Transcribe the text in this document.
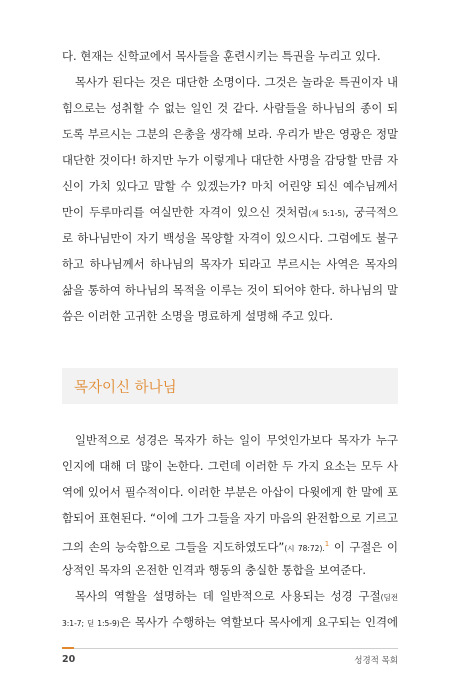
다. 현재는 신학교에서 목사들을 훈련시키는 특권을 누리고 있다.
목사가 된다는 것은 대단한 소명이다. 그것은 놀라운 특권이자 내
힘으로는 성취할 수 없는 일인 것 같다. 사람들을 하나님의 종이 되
도록 부르시는 그분의 은총을 생각해 보라. 우리가 받은 영광은 정말
대단한 것이다! 하지만 누가 이렇게나 대단한 사명을 감당할 만큼 자
신이 가치 있다고 말할 수 있겠는가? 마치 어린양 되신 예수님께서
만이 두루마리를 여실만한 자격이 있으신 것처럼(계 5:1-5), 궁극적으
로 하나님만이 자기 백성을 목양할 자격이 있으시다. 그럼에도 불구
하고 하나님께서 하나님의 목자가 되라고 부르시는 사역은 목자의
삶을 통하여 하나님의 목적을 이루는 것이 되어야 한다. 하나님의 말
씀은 이러한 고귀한 소명을 명료하게 설명해 주고 있다.
목자이신 하나님
일반적으로 성경은 목자가 하는 일이 무엇인가보다 목자가 누구
인지에 대해 더 많이 논한다. 그런데 이러한 두 가지 요소는 모두 사
역에 있어서 필수적이다. 이러한 부분은 아삽이 다윗에게 한 말에 포
함되어 표현된다. “이에 그가 그들을 자기 마음의 완전함으로 기르고
그의 손의 능숙함으로 그들을 지도하였도다”(시 78:72).$^1$ 이 구절은 이
상적인 목자의 온전한 인격과 행동의 충실한 통합을 보여준다.
목사의 역할을 설명하는 데 일반적으로 사용되는 성경 구절(딤전
3:1-7; 딛 1:5-9)은 목사가 수행하는 역할보다 목사에게 요구되는 인격에
20	성경적 목회
